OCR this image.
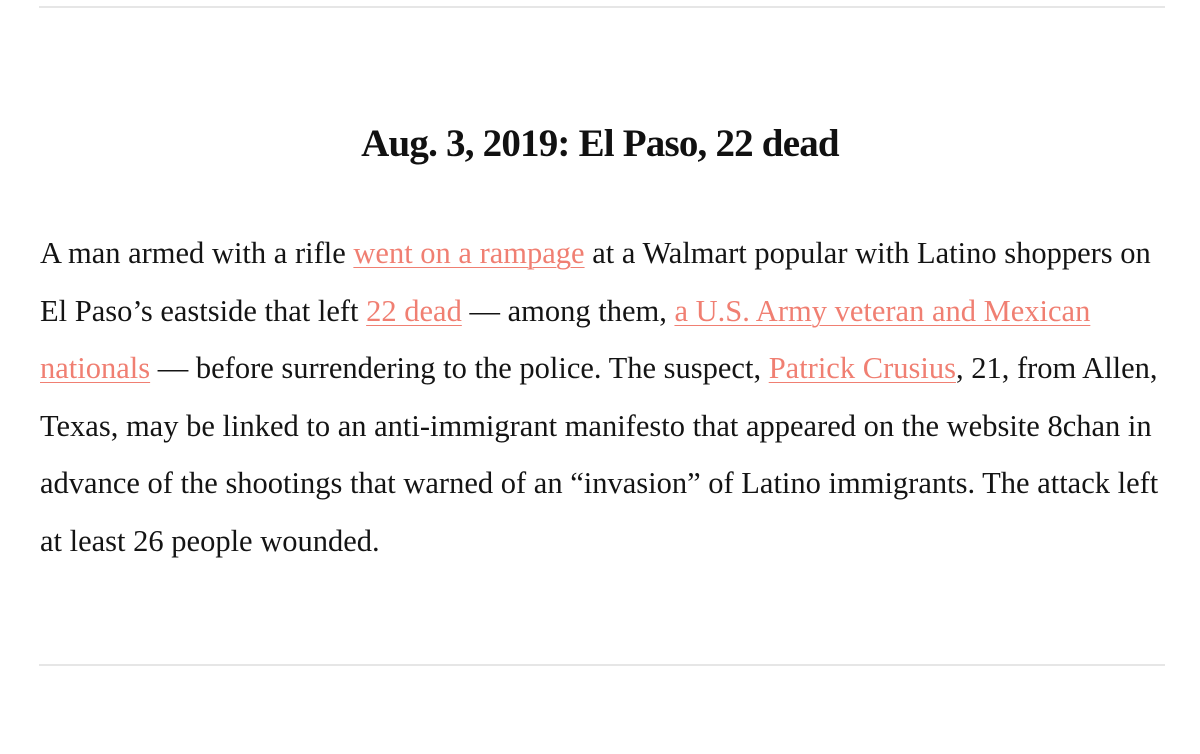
Aug. 3, 2019: El Paso, 22 dead

A man armed with a rifle went on a rampage at a Walmart popular with Latino shoppers on El Paso’s eastside that left 22 dead — among them, a U.S. Army veteran and Mexican nationals — before surrendering to the police. The suspect, Patrick Crusius, 21, from Allen, Texas, may be linked to an anti-immigrant manifesto that appeared on the website 8chan in advance of the shootings that warned of an “invasion” of Latino immigrants. The attack left at least 26 people wounded.
